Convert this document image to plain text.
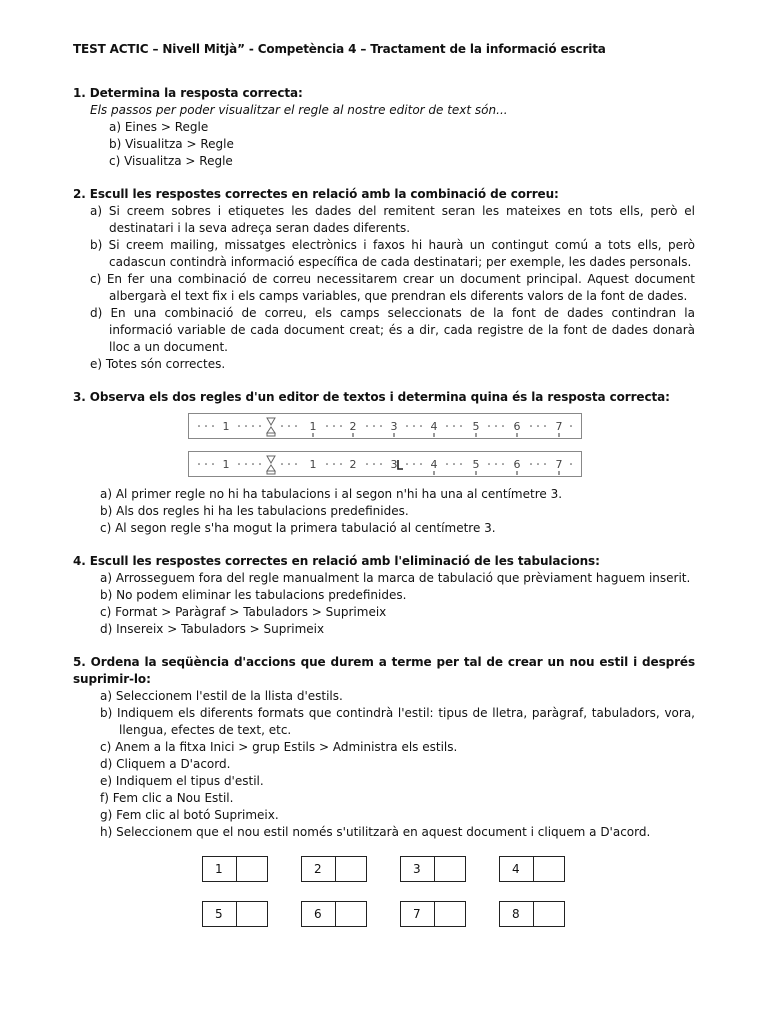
TEST ACTIC – Nivell Mitjà” - Competència 4 – Tractament de la informació escrita
1. Determina la resposta correcta:
Els passos per poder visualitzar el regle al nostre editor de text són...
a) Eines > Regle
b) Visualitza > Regle
c) Visualitza > Regle
2. Escull les respostes correctes en relació amb la combinació de correu:
a) Si creem sobres i etiquetes les dades del remitent seran les mateixes en tots ells, però el destinatari i la seva adreça seran dades diferents.
b) Si creem mailing, missatges electrònics i faxos hi haurà un contingut comú a tots ells, però cadascun contindrà informació específica de cada destinatari; per exemple, les dades personals.
c) En fer una combinació de correu necessitarem crear un document principal. Aquest document albergarà el text fix i els camps variables, que prendran els diferents valors de la font de dades.
d) En una combinació de correu, els camps seleccionats de la font de dades contindran la informació variable de cada document creat; és a dir, cada registre de la font de dades donarà lloc a un document.
e) Totes són correctes.
3. Observa els dos regles d'un editor de textos i determina quina és la resposta correcta:
1	1	2	3	4	5	6	7
1	1	2	3	4	5	6	7
a) Al primer regle no hi ha tabulacions i al segon n'hi ha una al centímetre 3.
b) Als dos regles hi ha les tabulacions predefinides.
c) Al segon regle s'ha mogut la primera tabulació al centímetre 3.
4. Escull les respostes correctes en relació amb l'eliminació de les tabulacions:
a) Arrosseguem fora del regle manualment la marca de tabulació que prèviament haguem inserit.
b) No podem eliminar les tabulacions predefinides.
c) Format > Paràgraf > Tabuladors > Suprimeix
d) Insereix > Tabuladors > Suprimeix
5. Ordena la seqüència d'accions que durem a terme per tal de crear un nou estil i després suprimir-lo:
a) Seleccionem l'estil de la llista d'estils.
b) Indiquem els diferents formats que contindrà l'estil: tipus de lletra, paràgraf, tabuladors, vora, llengua, efectes de text, etc.
c) Anem a la fitxa Inici > grup Estils > Administra els estils.
d) Cliquem a D'acord.
e) Indiquem el tipus d'estil.
f) Fem clic a Nou Estil.
g) Fem clic al botó Suprimeix.
h) Seleccionem que el nou estil només s'utilitzarà en aquest document i cliquem a D'acord.
1	2	3	4
5	6	7	8
